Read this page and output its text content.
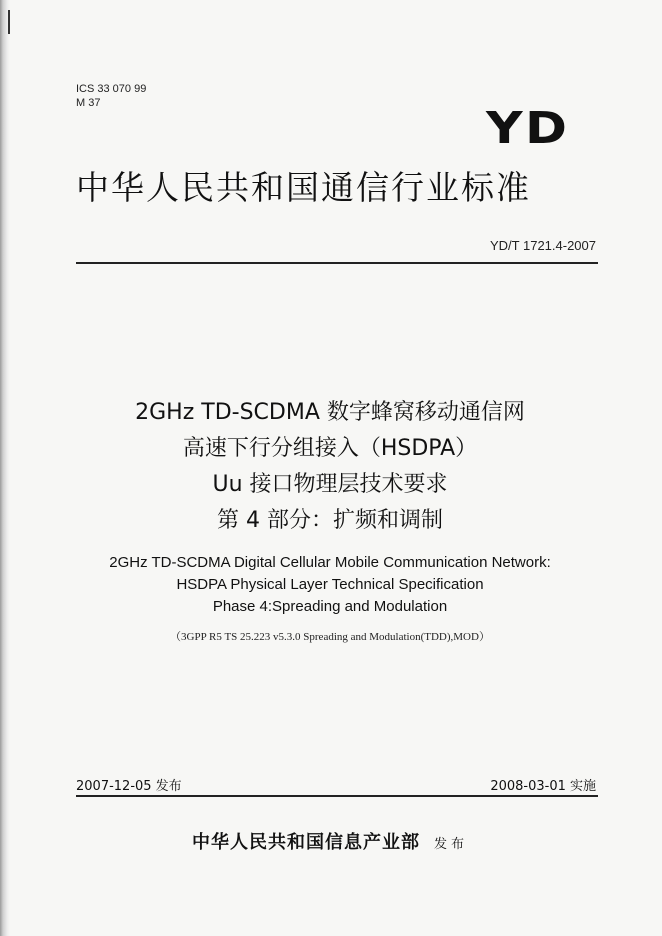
ICS 33 070 99
M 37	YD
中华人民共和国通信行业标准
YD/T 1721.4-2007
2GHz TD-SCDMA 数字蜂窝移动通信网
高速下行分组接入（HSDPA）
Uu 接口物理层技术要求
第 4 部分：扩频和调制
2GHz TD-SCDMA Digital Cellular Mobile Communication Network:
HSDPA Physical Layer Technical Specification
Phase 4:Spreading and Modulation
（3GPP R5 TS 25.223 v5.3.0 Spreading and Modulation(TDD),MOD）
2007-12-05 发布	2008-03-01 实施
中华人民共和国信息产业部 发布
